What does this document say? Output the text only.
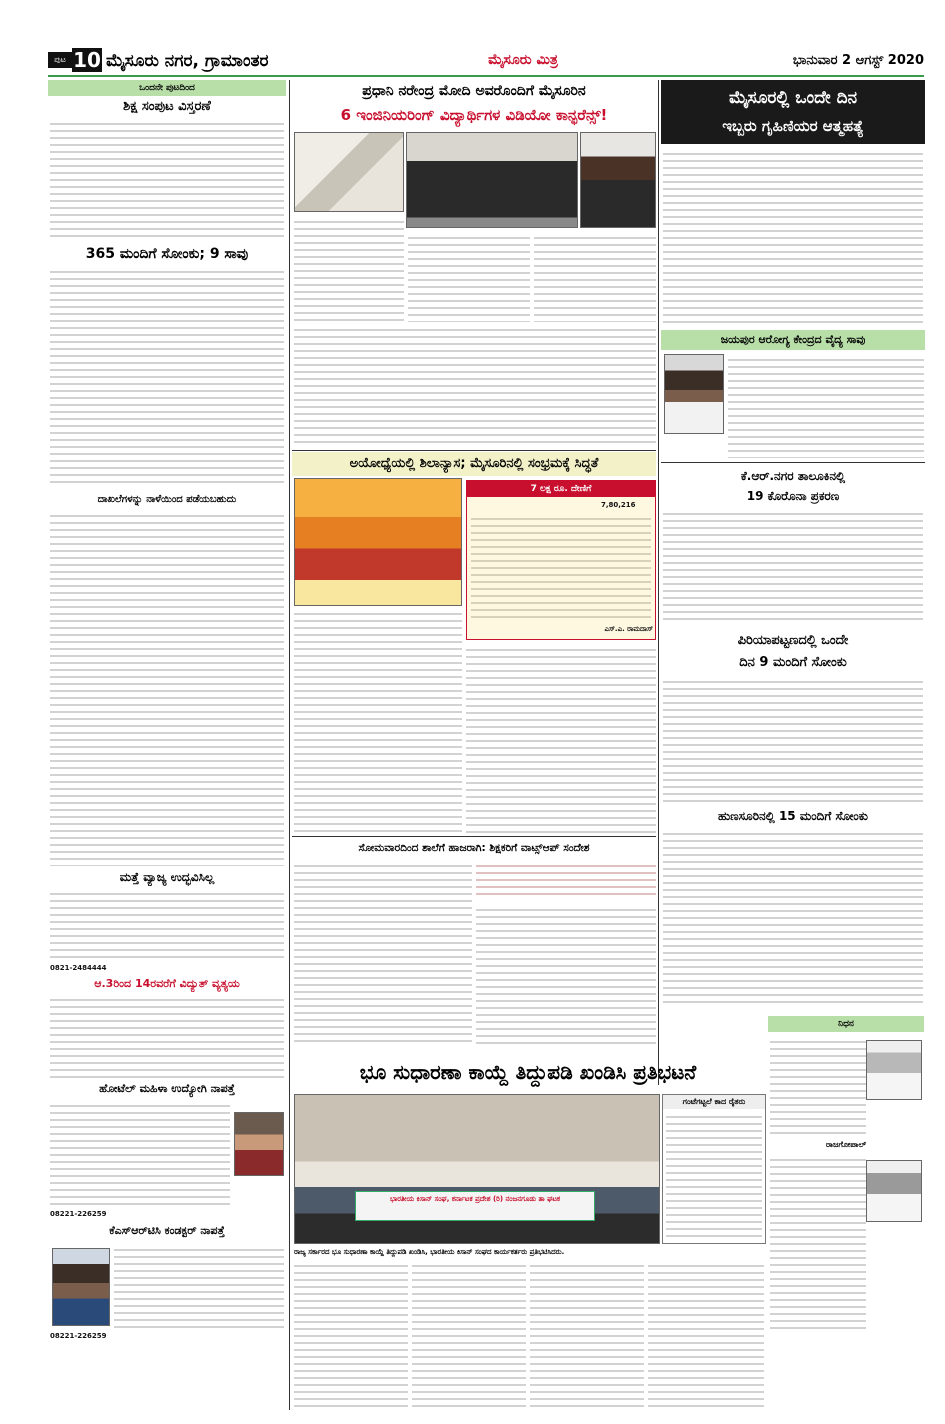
ಪುಟ 10 ಮೈಸೂರು ನಗರ, ಗ್ರಾಮಾಂತರ	ಮೈಸೂರು ಮಿತ್ರ	ಭಾನುವಾರ 2 ಆಗಸ್ಟ್ 2020
ಒಂದನೇ ಪುಟದಿಂದ
ಶಿಕ್ಷ ಸಂಪುಟ ವಿಸ್ತರಣೆ
365 ಮಂದಿಗೆ ಸೋಂಕು; 9 ಸಾವು
ದಾಖಲೆಗಳನ್ನು ನಾಳೆಯಿಂದ ಪಡೆಯಬಹುದು
ಮತ್ತೆ ವ್ಯಾಜ್ಯ ಉದ್ಭವಿಸಿಲ್ಲ
0821-2484444
ಆ.3ರಿಂದ 14ರವರೆಗೆ ವಿದ್ಯುತ್ ವ್ಯತ್ಯಯ
ಹೋಟೆಲ್ ಮಹಿಳಾ ಉದ್ಯೋಗಿ ನಾಪತ್ತೆ
08221-226259
ಕೆಎಸ್‌ಆರ್‌ಟಿಸಿ ಕಂಡಕ್ಟರ್ ನಾಪತ್ತೆ
08221-226259
ಪ್ರಧಾನಿ ನರೇಂದ್ರ ಮೋದಿ ಅವರೊಂದಿಗೆ ಮೈಸೂರಿನ
6 ಇಂಜಿನಿಯರಿಂಗ್ ವಿದ್ಯಾರ್ಥಿಗಳ ವಿಡಿಯೋ ಕಾನ್ಫರೆನ್ಸ್!
ಅಯೋಧ್ಯೆಯಲ್ಲಿ ಶಿಲಾನ್ಯಾಸ; ಮೈಸೂರಿನಲ್ಲಿ ಸಂಭ್ರಮಕ್ಕೆ ಸಿದ್ಧತೆ
7 ಲಕ್ಷ ರೂ. ದೇಣಿಗೆ
7,80,216
ಎಸ್.ಎ. ರಾಮದಾಸ್
ಸೋಮವಾರದಿಂದ ಶಾಲೆಗೆ ಹಾಜರಾಗಿ: ಶಿಕ್ಷಕರಿಗೆ ವಾಟ್ಸ್‌ಆಪ್ ಸಂದೇಶ
ಮೈಸೂರಲ್ಲಿ ಒಂದೇ ದಿನ
ಇಬ್ಬರು ಗೃಹಿಣಿಯರ ಆತ್ಮಹತ್ಯೆ
ಜಯಪುರ ಆರೋಗ್ಯ ಕೇಂದ್ರದ ವೈದ್ಯ ಸಾವು
ಕೆ.ಆರ್.ನಗರ ತಾಲೂಕಿನಲ್ಲಿ
19 ಕೊರೊನಾ ಪ್ರಕರಣ
ಪಿರಿಯಾಪಟ್ಟಣದಲ್ಲಿ ಒಂದೇ
ದಿನ 9 ಮಂದಿಗೆ ಸೋಂಕು
ಹುಣಸೂರಿನಲ್ಲಿ 15 ಮಂದಿಗೆ ಸೋಂಕು
ನಿಧನ
ರಾಜಗೋಪಾಲ್
ಭೂ ಸುಧಾರಣಾ ಕಾಯ್ದೆ ತಿದ್ದುಪಡಿ ಖಂಡಿಸಿ ಪ್ರತಿಭಟನೆ
ಭಾರತೀಯ ಕಿಸಾನ್ ಸಂಘ, ಕರ್ನಾಟಕ ಪ್ರದೇಶ (ರಿ) ನಂಜನಗೂಡು ತಾ ಘಟಕ
ಗಂಟೆಗಟ್ಟಲೆ ಕಾದ ರೈತರು
ರಾಜ್ಯ ಸರ್ಕಾರದ ಭೂ ಸುಧಾರಣಾ ಕಾಯ್ದೆ ತಿದ್ದುಪಡಿ ಖಂಡಿಸಿ, ಭಾರತೀಯ ಕಿಸಾನ್ ಸಂಘದ ಕಾರ್ಯಕರ್ತರು ಪ್ರತಿಭಟಿಸಿದರು.
